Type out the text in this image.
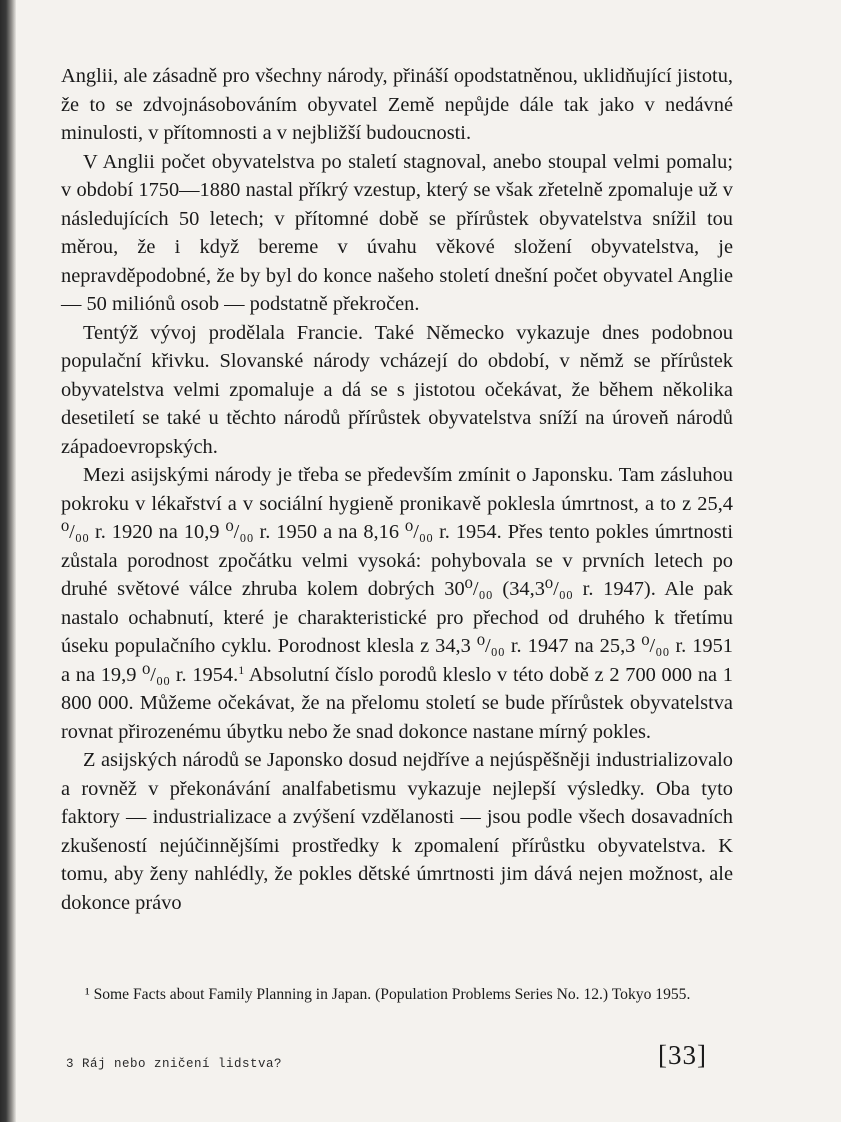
Anglii, ale zásadně pro všechny národy, přináší opodstatněnou, uklidňující jistotu, že to se zdvojnásobováním obyvatel Země nepůjde dále tak jako v nedávné minulosti, v přítomnosti a v nejbližší budoucnosti.

V Anglii počet obyvatelstva po staletí stagnoval, anebo stoupal velmi pomalu; v období 1750—1880 nastal příkrý vzestup, který se však zřetelně zpomaluje už v následujících 50 letech; v přítomné době se přírůstek obyvatelstva snížil tou měrou, že i když bereme v úvahu věkové složení obyvatelstva, je nepravděpodobné, že by byl do konce našeho století dnešní počet obyvatel Anglie — 50 miliónů osob — podstatně překročen.

Tentýž vývoj prodělala Francie. Také Německo vykazuje dnes podobnou populační křivku. Slovanské národy vcházejí do období, v němž se přírůstek obyvatelstva velmi zpomaluje a dá se s jistotou očekávat, že během několika desetiletí se také u těchto národů přírůstek obyvatelstva sníží na úroveň národů západoevropských.

Mezi asijskými národy je třeba se především zmínit o Japonsku. Tam zásluhou pokroku v lékařství a v sociální hygieně pronikavě poklesla úmrtnost, a to z 25,4 ⁰/₀₀ r. 1920 na 10,9 ⁰/₀₀ r. 1950 a na 8,16 ⁰/₀₀ r. 1954. Přes tento pokles úmrtnosti zůstala porodnost zpočátku velmi vysoká: pohybovala se v prvních letech po druhé světové válce zhruba kolem dobrých 30⁰/₀₀ (34,3⁰/₀₀ r. 1947). Ale pak nastalo ochabnutí, které je charakteristické pro přechod od druhého k třetímu úseku populačního cyklu. Porodnost klesla z 34,3 ⁰/₀₀ r. 1947 na 25,3 ⁰/₀₀ r. 1951 a na 19,9 ⁰/₀₀ r. 1954.$^1$ Absolutní číslo porodů kleslo v této době z 2 700 000 na 1 800 000. Můžeme očekávat, že na přelomu století se bude přírůstek obyvatelstva rovnat přirozenému úbytku nebo že snad dokonce nastane mírný pokles.

Z asijských národů se Japonsko dosud nejdříve a nejúspěšněji industrializovalo a rovněž v překonávání analfabetismu vykazuje nejlepší výsledky. Oba tyto faktory — industrializace a zvýšení vzdělanosti — jsou podle všech dosavadních zkušeností nejúčinnějšími prostředky k zpomalení přírůstku obyvatelstva. K tomu, aby ženy nahlédly, že pokles dětské úmrtnosti jim dává nejen možnost, ale dokonce právo

¹ Some Facts about Family Planning in Japan. (Population Problems Series No. 12.) Tokyo 1955.

3 Ráj nebo zničení lidstva?	[33]
